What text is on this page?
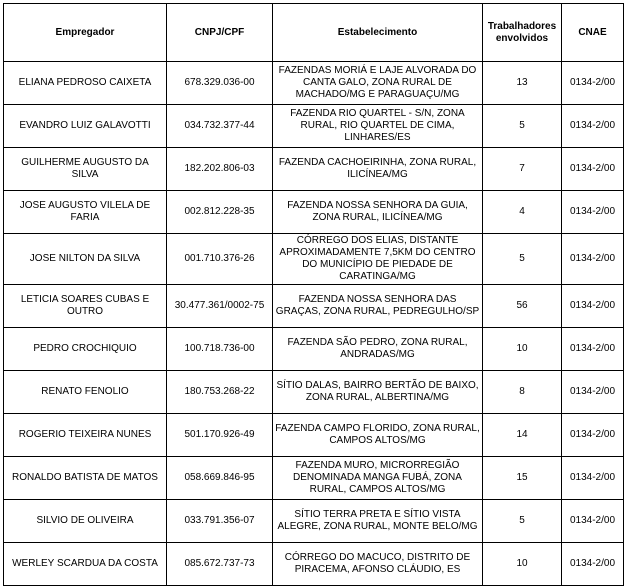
Empregador	CNPJ/CPF	Estabelecimento	Trabalhadores envolvidos	CNAE
ELIANA PEDROSO CAIXETA	678.329.036-00	FAZENDAS MORIÁ E LAJE ALVORADA DO CANTA GALO, ZONA RURAL DE MACHADO/MG E PARAGUAÇU/MG	13	0134-2/00
EVANDRO LUIZ GALAVOTTI	034.732.377-44	FAZENDA RIO QUARTEL - S/N, ZONA RURAL, RIO QUARTEL DE CIMA, LINHARES/ES	5	0134-2/00
GUILHERME AUGUSTO DA SILVA	182.202.806-03	FAZENDA CACHOEIRINHA, ZONA RURAL, ILICÍNEA/MG	7	0134-2/00
JOSE AUGUSTO VILELA DE FARIA	002.812.228-35	FAZENDA NOSSA SENHORA DA GUIA, ZONA RURAL, ILICÍNEA/MG	4	0134-2/00
JOSE NILTON DA SILVA	001.710.376-26	CÓRREGO DOS ELIAS, DISTANTE APROXIMADAMENTE 7,5KM DO CENTRO DO MUNICÍPIO DE PIEDADE DE CARATINGA/MG	5	0134-2/00
LETICIA SOARES CUBAS E OUTRO	30.477.361/0002-75	FAZENDA NOSSA SENHORA DAS GRAÇAS, ZONA RURAL, PEDREGULHO/SP	56	0134-2/00
PEDRO CROCHIQUIO	100.718.736-00	FAZENDA SÃO PEDRO, ZONA RURAL, ANDRADAS/MG	10	0134-2/00
RENATO FENOLIO	180.753.268-22	SÍTIO DALAS, BAIRRO BERTÃO DE BAIXO, ZONA RURAL, ALBERTINA/MG	8	0134-2/00
ROGERIO TEIXEIRA NUNES	501.170.926-49	FAZENDA CAMPO FLORIDO, ZONA RURAL, CAMPOS ALTOS/MG	14	0134-2/00
RONALDO BATISTA DE MATOS	058.669.846-95	FAZENDA MURO, MICRORREGIÃO DENOMINADA MANGA FUBÁ, ZONA RURAL, CAMPOS ALTOS/MG	15	0134-2/00
SILVIO DE OLIVEIRA	033.791.356-07	SÍTIO TERRA PRETA E SÍTIO VISTA ALEGRE, ZONA RURAL, MONTE BELO/MG	5	0134-2/00
WERLEY SCARDUA DA COSTA	085.672.737-73	CÓRREGO DO MACUCO, DISTRITO DE PIRACEMA, AFONSO CLÁUDIO, ES	10	0134-2/00
